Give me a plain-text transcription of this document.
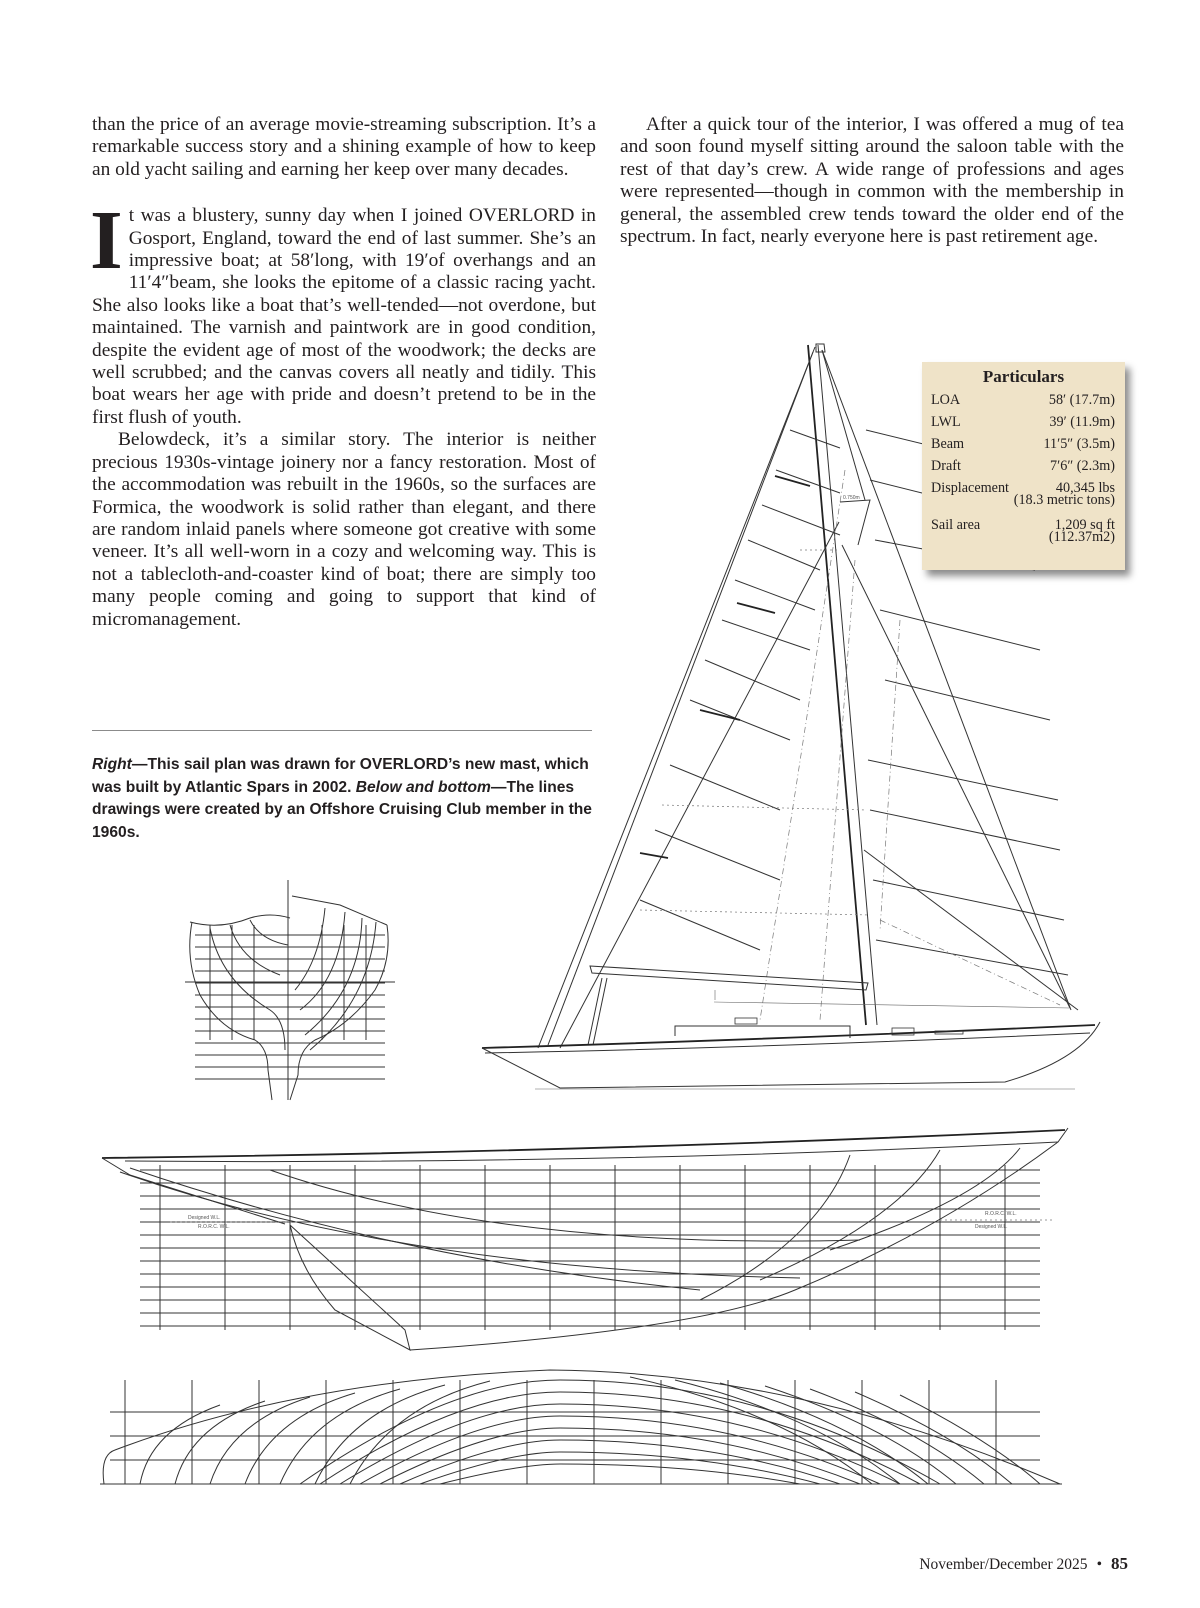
than the price of an average movie-streaming subscription. It’s a remarkable success story and a shining example of how to keep an old yacht sailing and earning her keep over many decades.

It was a blustery, sunny day when I joined OVERLORD in Gosport, England, toward the end of last summer. She’s an impressive boat; at 58′long, with 19′of overhangs and an 11′4″beam, she looks the epitome of a classic racing yacht. She also looks like a boat that’s well-tended—not overdone, but maintained. The varnish and paintwork are in good condition, despite the evident age of most of the woodwork; the decks are well scrubbed; and the canvas covers all neatly and tidily. This boat wears her age with pride and doesn’t pretend to be in the first flush of youth.

Belowdeck, it’s a similar story. The interior is neither precious 1930s-vintage joinery nor a fancy restoration. Most of the accommodation was rebuilt in the 1960s, so the surfaces are Formica, the woodwork is solid rather than elegant, and there are random inlaid panels where someone got creative with some veneer. It’s all well-worn in a cozy and welcoming way. This is not a tablecloth-and-coaster kind of boat; there are simply too many people coming and going to support that kind of micromanagement.

After a quick tour of the interior, I was offered a mug of tea and soon found myself sitting around the saloon table with the rest of that day’s crew. A wide range of professions and ages were represented—though in common with the membership in general, the assembled crew tends toward the older end of the spectrum. In fact, nearly everyone here is past retirement age.

Right—This sail plan was drawn for OVERLORD’s new mast, which was built by Atlantic Spars in 2002. Below and bottom—The lines drawings were created by an Offshore Cruising Club member in the 1960s.
0.750m
Designed W.L.
R.O.R.C. W.L.
R.O.R.C. W.L.
Designed W.L.
Particulars
LOA	58′ (17.7m)
LWL	39′ (11.9m)
Beam	11′5″ (3.5m)
Draft	7′6″ (2.3m)
Displacement	40,345 lbs
(18.3 metric tons)
Sail area	1,209 sq ft
(112.37m2)
November/December 2025 • 85
